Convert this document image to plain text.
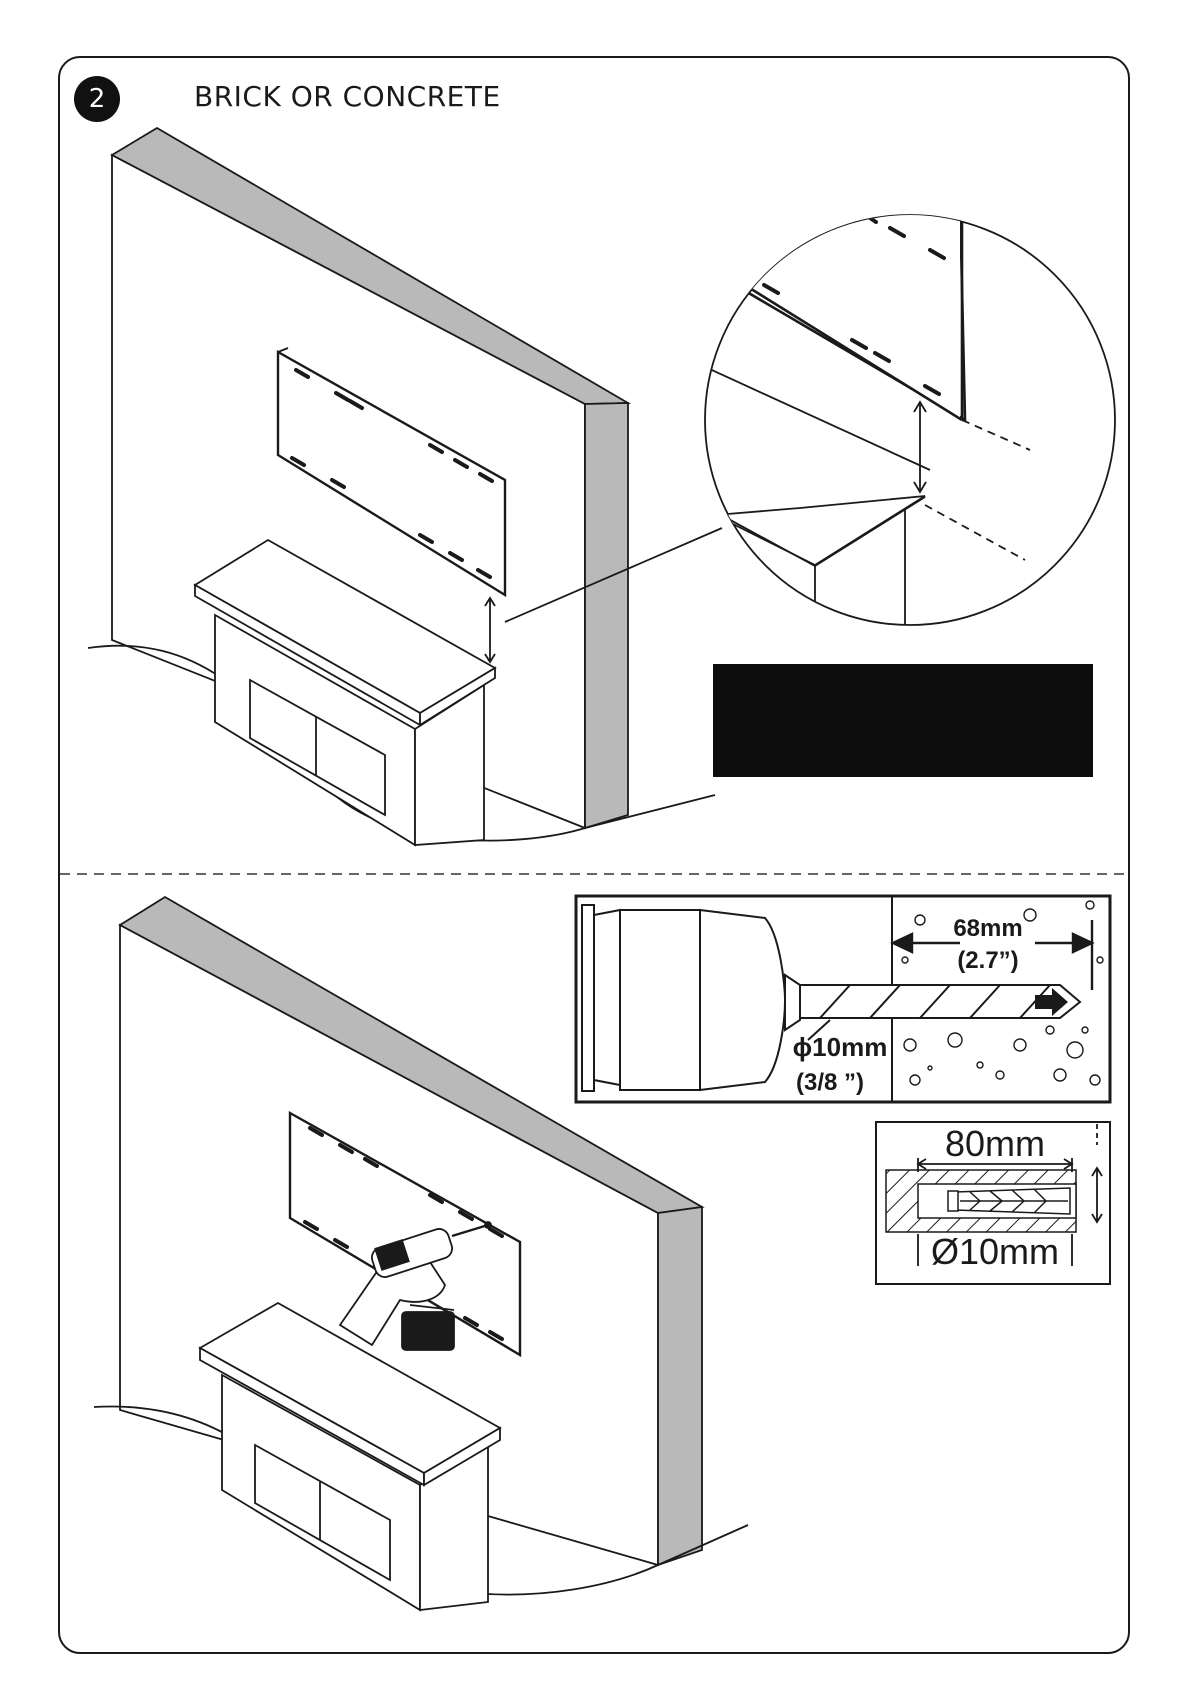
2	BRICK OR CONCRETE
68mm
(2.7”)
ϕ10mm
(3/8 ”)
80mm
Ø10mm
